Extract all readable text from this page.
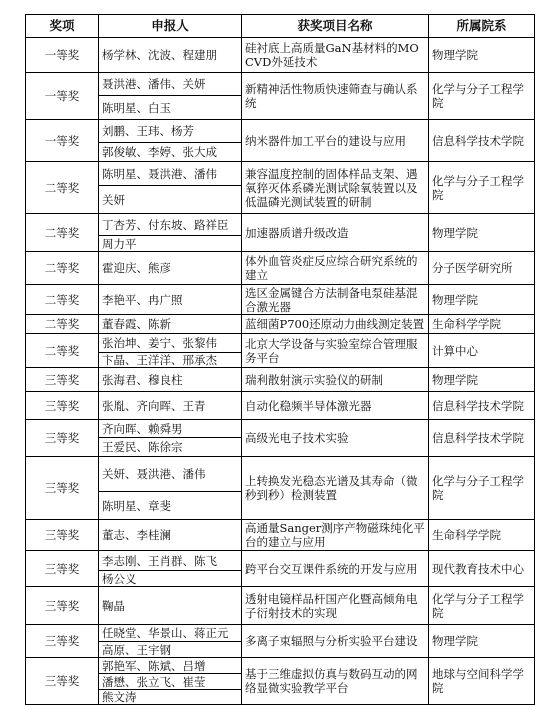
奖项	申报人	获奖项目名称	所属院系
一等奖	杨学林、沈波、程建朋	硅衬底上高质量GaN基材料的MOCVD外延技术	物理学院
一等奖	聂洪港、潘伟、关妍	新精神活性物质快速筛查与确认系统	化学与分子工程学院
	陈明星、白玉		
一等奖	刘鹏、王玮、杨芳	纳米器件加工平台的建设与应用	信息科学技术学院
	郭俊敏、李婷、张大成		
二等奖	陈明星、聂洪港、潘伟	兼容温度控制的固体样品支架、遇氧猝灭体系磷光测试除氧装置以及低温磷光测试装置的研制	化学与分子工程学院
	关妍		
二等奖	丁杏芳、付东坡、路祥臣	加速器质谱升级改造	物理学院
	周力平		
二等奖	霍迎庆、熊彦	体外血管炎症反应综合研究系统的建立	分子医学研究所
二等奖	李艳平、冉广照	选区金属键合方法制备电泵硅基混合激光器	物理学院
二等奖	董春霞、陈新	蓝细菌P700还原动力曲线测定装置	生命科学学院
二等奖	张治坤、姜宁、张黎伟	北京大学设备与实验室综合管理服务平台	计算中心
	卞晶、王洋洋、邢承杰		
三等奖	张海君、穆良柱	瑞利散射演示实验仪的研制	物理学院
三等奖	张胤、齐向晖、王青	自动化稳频半导体激光器	信息科学技术学院
三等奖	齐向晖、赖舜男	高级光电子技术实验	信息科学技术学院
	王爱民、陈徐宗		
三等奖	关妍、聂洪港、潘伟	上转换发光稳态光谱及其寿命（微秒到秒）检测装置	化学与分子工程学院
	陈明星、章斐		
三等奖	董志、李桂澜	高通量Sanger测序产物磁珠纯化平台的建立与应用	生命科学学院
三等奖	李志刚、王肖群、陈飞	跨平台交互课件系统的开发与应用	现代教育技术中心
	杨公义		
三等奖	鞠晶	透射电镜样品杆国产化暨高倾角电子衍射技术的实现	化学与分子工程学院
三等奖	任晓堂、华景山、蒋正元	多离子束辐照与分析实验平台建设	物理学院
	高原、王宇钢		
三等奖	郭艳军、陈斌、吕增	基于三维虚拟仿真与数码互动的网络显微实验教学平台	地球与空间科学学院
	潘懋、张立飞、崔莹		
	熊文涛		
